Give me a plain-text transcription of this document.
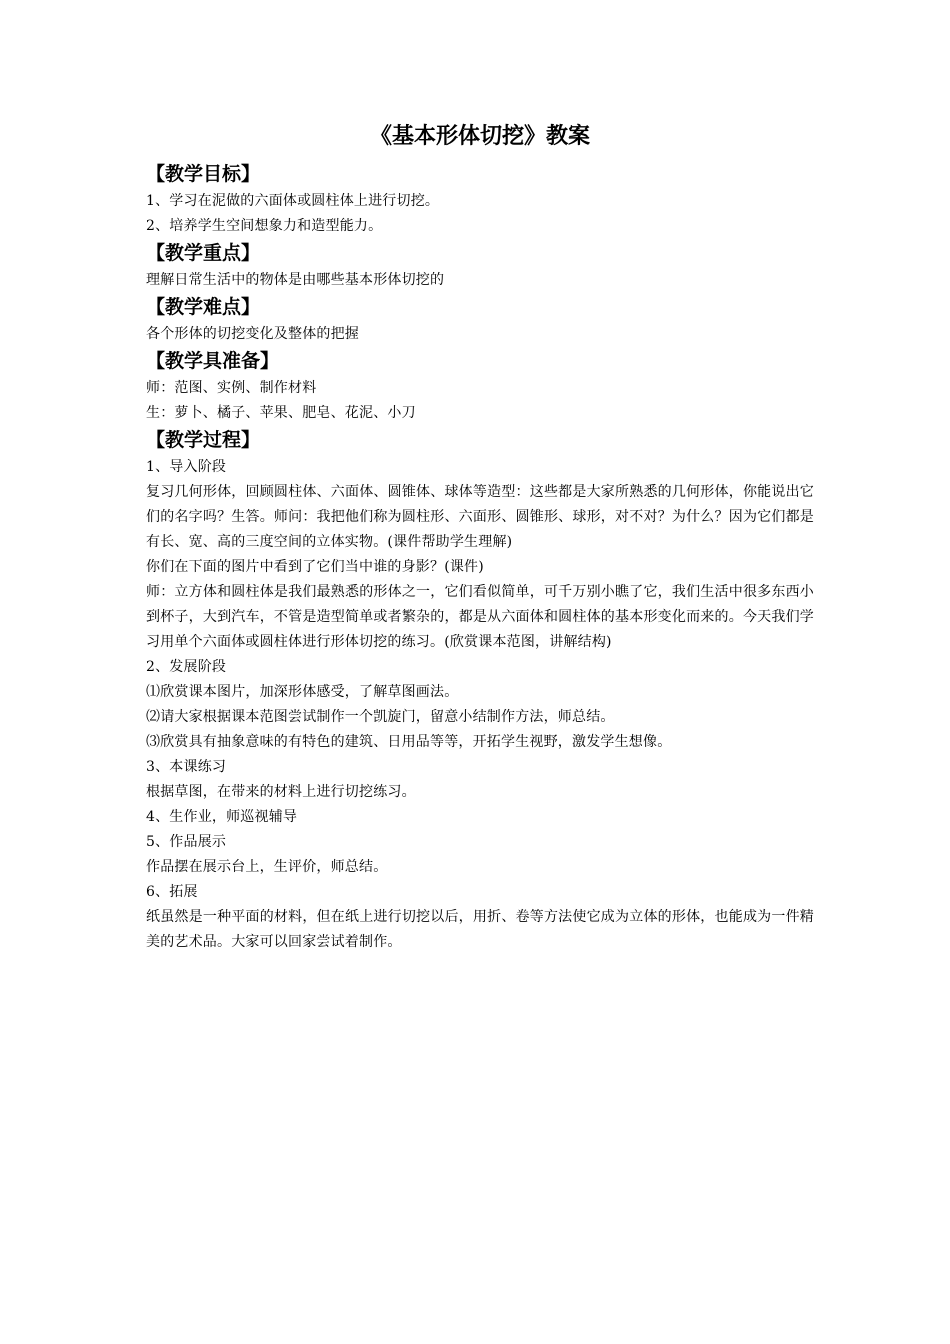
《基本形体切挖》教案
【教学目标】

1、学习在泥做的六面体或圆柱体上进行切挖。

2、培养学生空间想象力和造型能力。

【教学重点】

理解日常生活中的物体是由哪些基本形体切挖的

【教学难点】

各个形体的切挖变化及整体的把握

【教学具准备】

师：范图、实例、制作材料

生：萝卜、橘子、苹果、肥皂、花泥、小刀

【教学过程】

1、导入阶段

复习几何形体，回顾圆柱体、六面体、圆锥体、球体等造型：这些都是大家所熟悉的几何形体，你能说出它们的名字吗？生答。师问：我把他们称为圆柱形、六面形、圆锥形、球形，对不对？为什么？因为它们都是有长、宽、高的三度空间的立体实物。(课件帮助学生理解)

你们在下面的图片中看到了它们当中谁的身影？(课件)

师：立方体和圆柱体是我们最熟悉的形体之一，它们看似简单，可千万别小瞧了它，我们生活中很多东西小到杯子，大到汽车，不管是造型简单或者繁杂的，都是从六面体和圆柱体的基本形变化而来的。今天我们学习用单个六面体或圆柱体进行形体切挖的练习。(欣赏课本范图，讲解结构)

2、发展阶段

⑴欣赏课本图片，加深形体感受，了解草图画法。

⑵请大家根据课本范图尝试制作一个凯旋门，留意小结制作方法，师总结。

⑶欣赏具有抽象意味的有特色的建筑、日用品等等，开拓学生视野，激发学生想像。

3、本课练习

根据草图，在带来的材料上进行切挖练习。

4、生作业，师巡视辅导

5、作品展示

作品摆在展示台上，生评价，师总结。

6、拓展

纸虽然是一种平面的材料，但在纸上进行切挖以后，用折、卷等方法使它成为立体的形体，也能成为一件精美的艺术品。大家可以回家尝试着制作。
